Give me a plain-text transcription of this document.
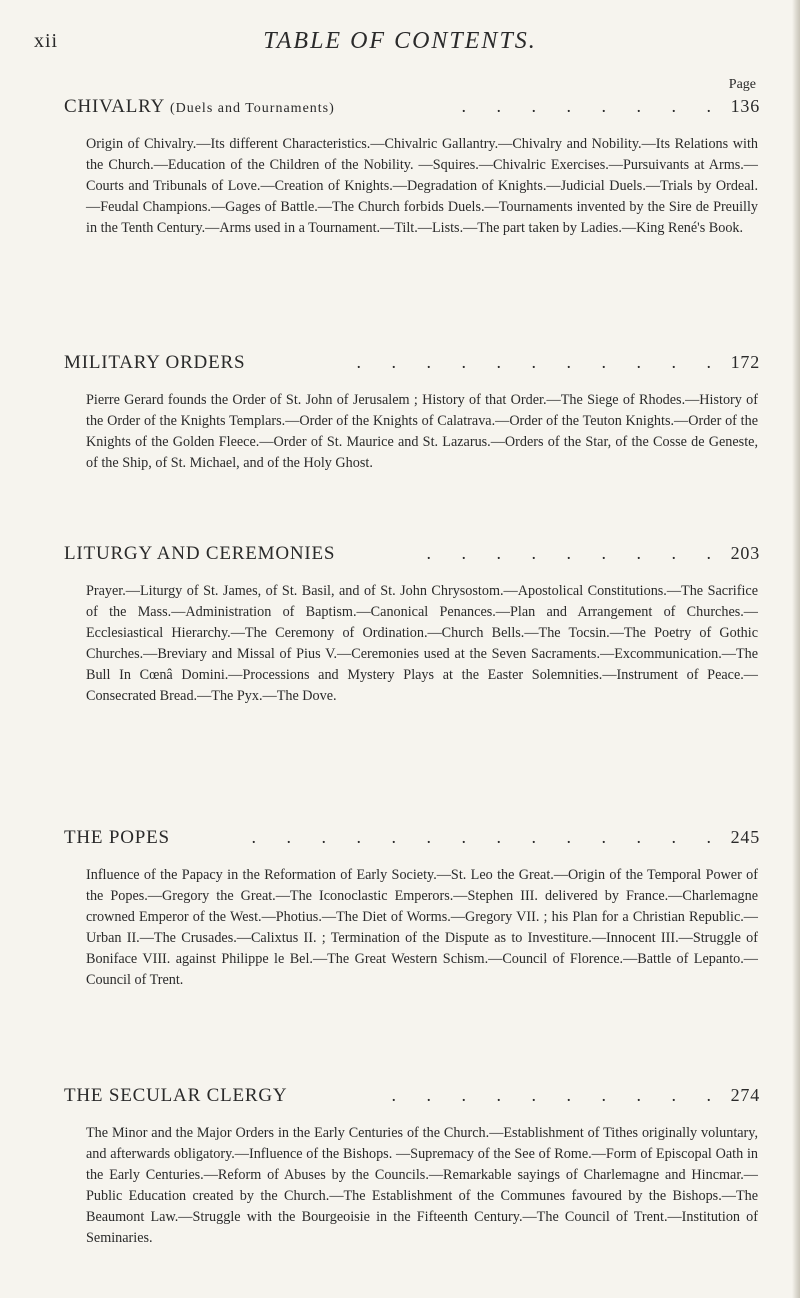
xii	TABLE OF CONTENTS.
Page
CHIVALRY (Duels and Tournaments)	. . . . . . . . 136
Origin of Chivalry.—Its different Characteristics.—Chivalric Gallantry.—Chivalry and Nobility.—Its Relations with the Church.—Education of the Children of the Nobility. —Squires.—Chivalric Exercises.—Pursuivants at Arms.—Courts and Tribunals of Love.—Creation of Knights.—Degradation of Knights.—Judicial Duels.—Trials by Ordeal.—Feudal Champions.—Gages of Battle.—The Church forbids Duels.—Tournaments invented by the Sire de Preuilly in the Tenth Century.—Arms used in a Tournament.—Tilt.—Lists.—The part taken by Ladies.—King René's Book.
MILITARY ORDERS	. . . . . . . . . . . 172
Pierre Gerard founds the Order of St. John of Jerusalem ; History of that Order.—The Siege of Rhodes.—History of the Order of the Knights Templars.—Order of the Knights of Calatrava.—Order of the Teuton Knights.—Order of the Knights of the Golden Fleece.—Order of St. Maurice and St. Lazarus.—Orders of the Star, of the Cosse de Geneste, of the Ship, of St. Michael, and of the Holy Ghost.
LITURGY AND CEREMONIES	. . . . . . . . . 203
Prayer.—Liturgy of St. James, of St. Basil, and of St. John Chrysostom.—Apostolical Constitutions.—The Sacrifice of the Mass.—Administration of Baptism.—Canonical Penances.—Plan and Arrangement of Churches.—Ecclesiastical Hierarchy.—The Ceremony of Ordination.—Church Bells.—The Tocsin.—The Poetry of Gothic Churches.—Breviary and Missal of Pius V.—Ceremonies used at the Seven Sacraments.—Excommunication.—The Bull In Cœnâ Domini.—Processions and Mystery Plays at the Easter Solemnities.—Instrument of Peace.—Consecrated Bread.—The Pyx.—The Dove.
THE POPES	. . . . . . . . . . . . . . 245
Influence of the Papacy in the Reformation of Early Society.—St. Leo the Great.—Origin of the Temporal Power of the Popes.—Gregory the Great.—The Iconoclastic Emperors.—Stephen III. delivered by France.—Charlemagne crowned Emperor of the West.—Photius.—The Diet of Worms.—Gregory VII. ; his Plan for a Christian Republic.—Urban II.—The Crusades.—Calixtus II. ; Termination of the Dispute as to Investiture.—Innocent III.—Struggle of Boniface VIII. against Philippe le Bel.—The Great Western Schism.—Council of Florence.—Battle of Lepanto.—Council of Trent.
THE SECULAR CLERGY	. . . . . . . . . . 274
The Minor and the Major Orders in the Early Centuries of the Church.—Establishment of Tithes originally voluntary, and afterwards obligatory.—Influence of the Bishops. —Supremacy of the See of Rome.—Form of Episcopal Oath in the Early Centuries.—Reform of Abuses by the Councils.—Remarkable sayings of Charlemagne and Hincmar.—Public Education created by the Church.—The Establishment of the Communes favoured by the Bishops.—The Beaumont Law.—Struggle with the Bourgeoisie in the Fifteenth Century.—The Council of Trent.—Institution of Seminaries.
